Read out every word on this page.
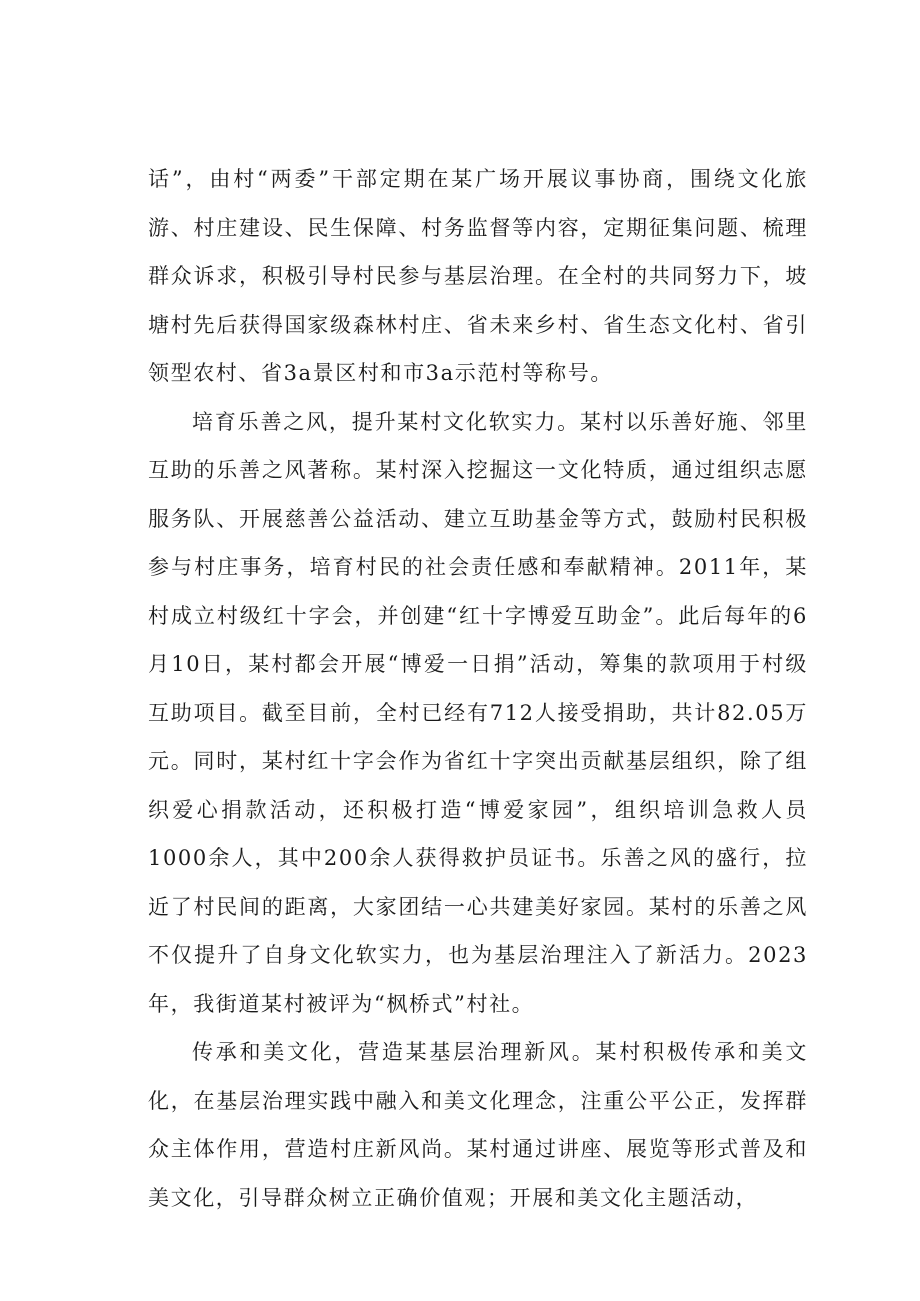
话”，由村“两委”干部定期在某广场开展议事协商，围绕文化旅游、村庄建设、民生保障、村务监督等内容，定期征集问题、梳理群众诉求，积极引导村民参与基层治理。在全村的共同努力下，坡塘村先后获得国家级森林村庄、省未来乡村、省生态文化村、省引领型农村、省3a景区村和市3a示范村等称号。

培育乐善之风，提升某村文化软实力。某村以乐善好施、邻里互助的乐善之风著称。某村深入挖掘这一文化特质，通过组织志愿服务队、开展慈善公益活动、建立互助基金等方式，鼓励村民积极参与村庄事务，培育村民的社会责任感和奉献精神。2011年，某村成立村级红十字会，并创建“红十字博爱互助金”。此后每年的6月10日，某村都会开展“博爱一日捐”活动，筹集的款项用于村级互助项目。截至目前，全村已经有712人接受捐助，共计82.05万元。同时，某村红十字会作为省红十字突出贡献基层组织，除了组织爱心捐款活动，还积极打造“博爱家园”，组织培训急救人员1000余人，其中200余人获得救护员证书。乐善之风的盛行，拉近了村民间的距离，大家团结一心共建美好家园。某村的乐善之风不仅提升了自身文化软实力，也为基层治理注入了新活力。2023年，我街道某村被评为“枫桥式”村社。

传承和美文化，营造某基层治理新风。某村积极传承和美文化，在基层治理实践中融入和美文化理念，注重公平公正，发挥群众主体作用，营造村庄新风尚。某村通过讲座、展览等形式普及和美文化，引导群众树立正确价值观；开展和美文化主题活动，
